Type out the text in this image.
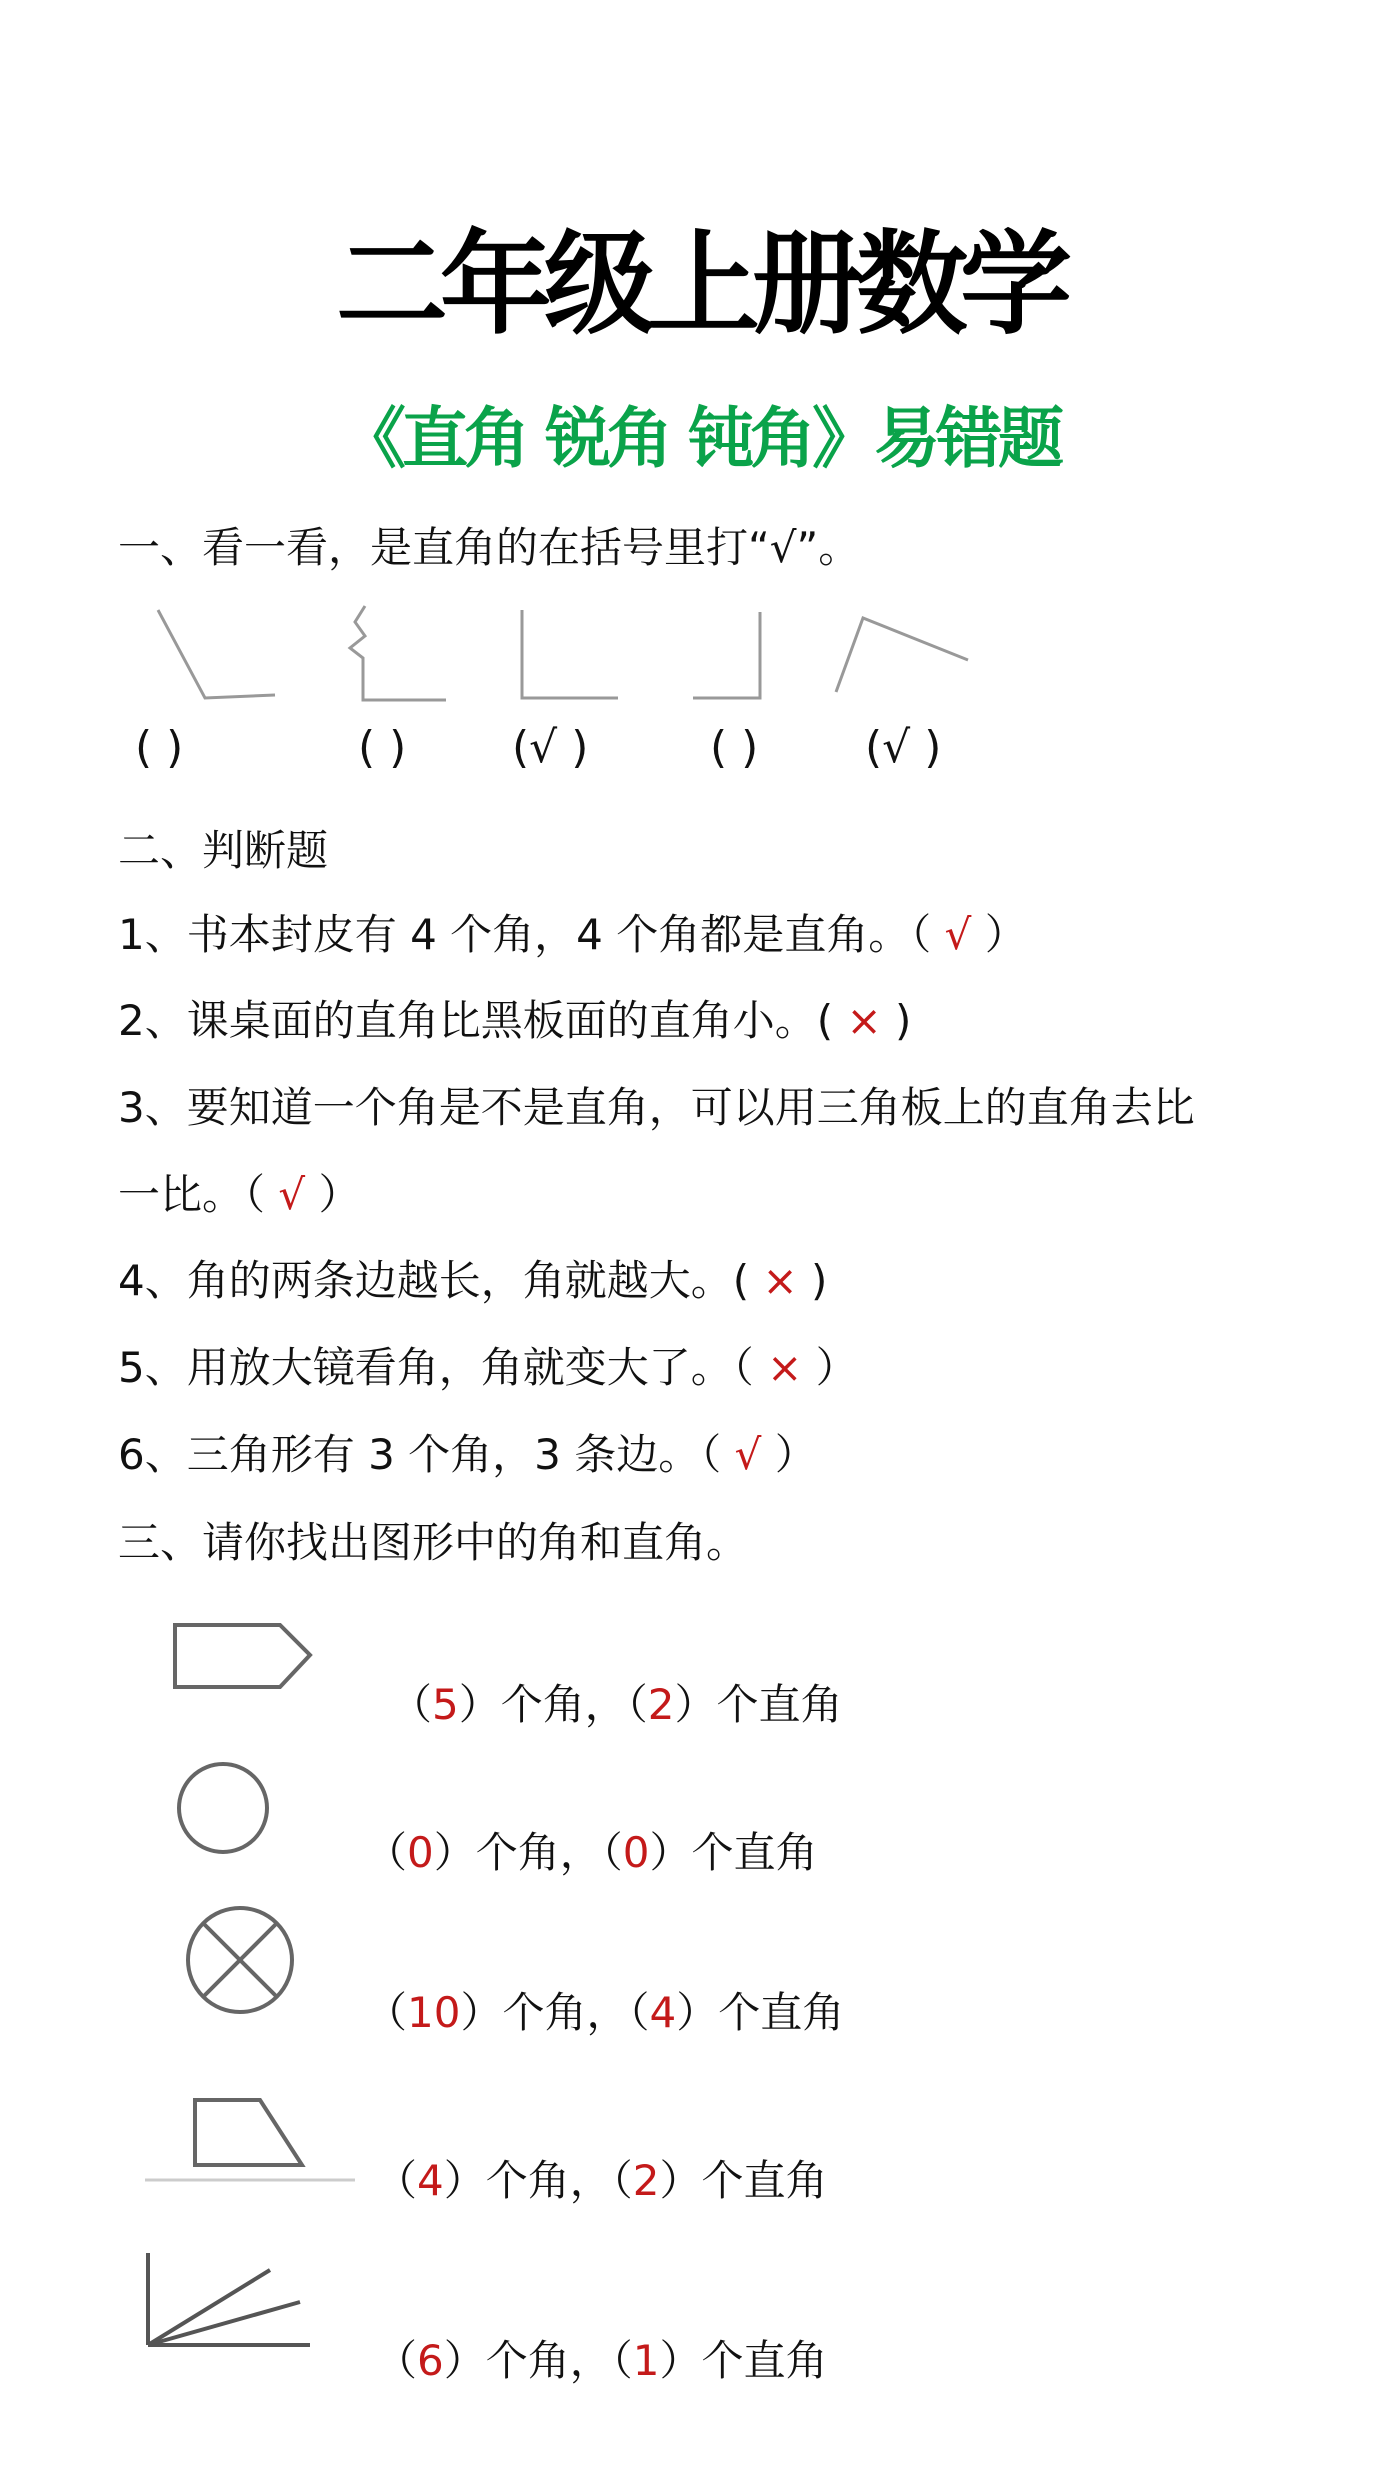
二年级上册数学
《直角 锐角 钝角》易错题
一、看一看，是直角的在括号里打“√”。
( )	( ) (√ )	( ) (√ )
二、判断题
1、书本封皮有 4 个角，4 个角都是直角。（ √ ）
2、课桌面的直角比黑板面的直角小。( × )
3、要知道一个角是不是直角，可以用三角板上的直角去比
一比。（ √ ）
4、角的两条边越长，角就越大。( × )
5、用放大镜看角，角就变大了。（ × ）
6、三角形有 3 个角，3 条边。（ √ ）
三、请你找出图形中的角和直角。
（5）个角，（2）个直角
（0）个角，（0）个直角
（10）个角，（4）个直角
（4）个角，（2）个直角
（6）个角，（1）个直角
